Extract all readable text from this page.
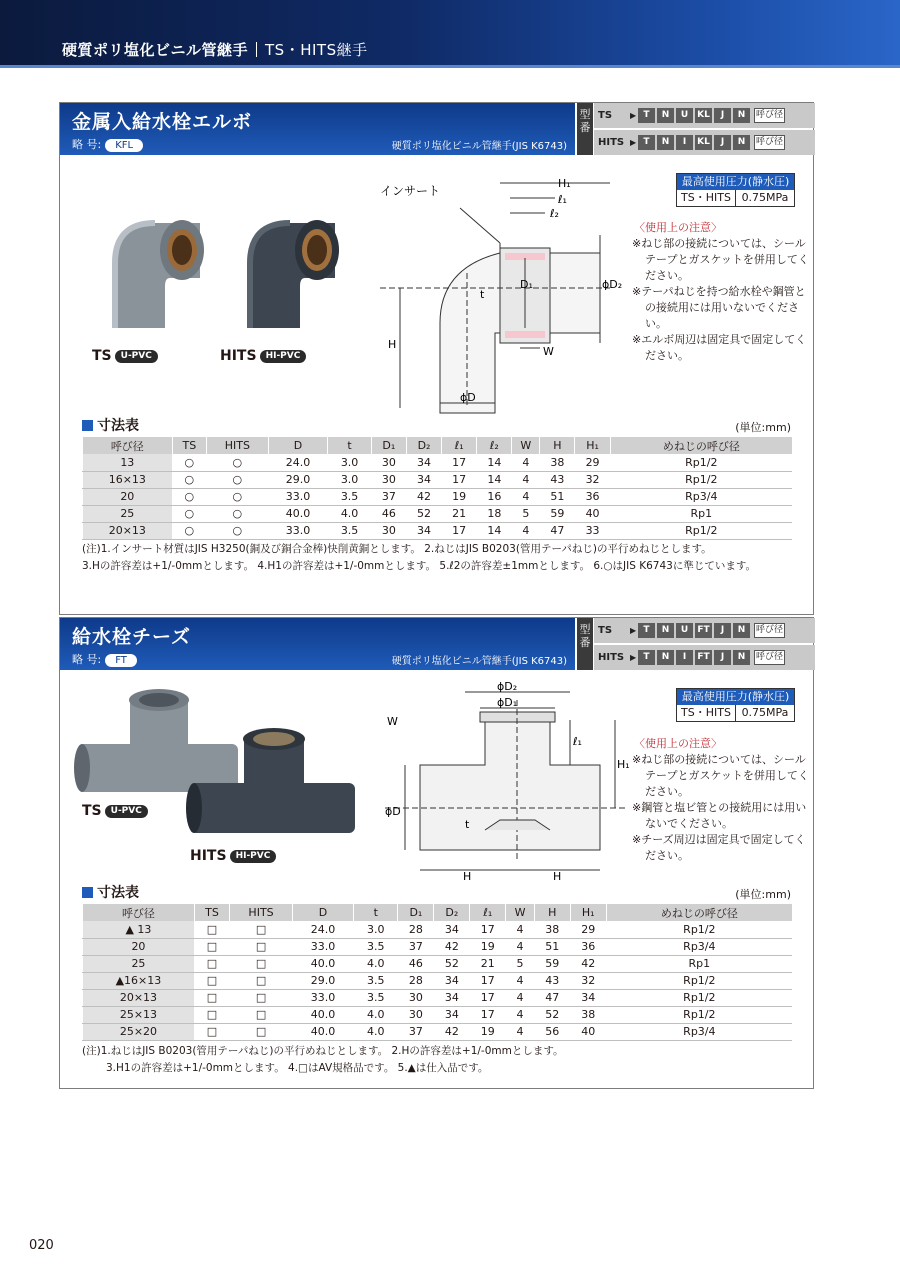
硬質ポリ塩化ビニル管継手 TS・HITS継手
金属入給水栓エルボ
略 号: KFL	硬質ポリ塩化ビニル管継手(JIS K6743)
型番
TS	▶ T	N	U KL	J	N	呼び径
HITS ▶ T	N	I	KL	J	N	呼び径
TS U-PVC	HITS HI-PVC
インサート
H₁
ℓ₁
ℓ₂
D₁	ϕD₂
t
H
W
ϕD
最高使用圧力(静水圧)
TS・HITS 0.75MPa
〈使用上の注意〉
※ねじ部の接続については、シールテープとガスケットを併用してください。
※テーパねじを持つ給水栓や鋼管との接続用には用いないでください。
※エルボ周辺は固定具で固定してください。
寸法表	(単位:mm)
呼び径	TS	HITS	D	t	D₁	D₂	ℓ₁	ℓ₂	W	H	H₁	めねじの呼び径
13	○	○	24.0	3.0	30	34	17	14	4	38	29	Rp1/2
16×13	○	○	29.0	3.0	30	34	17	14	4	43	32	Rp1/2
20	○	○	33.0	3.5	37	42	19	16	4	51	36	Rp3/4
25	○	○	40.0	4.0	46	52	21	18	5	59	40	Rp1
20×13	○	○	33.0	3.5	30	34	17	14	4	47	33	Rp1/2
(注)1.インサート材質はJIS H3250(銅及び銅合金棒)快削黄銅とします。 2.ねじはJIS B0203(管用テーパねじ)の平行めねじとします。
3.Hの許容差は+1/-0mmとします。 4.H1の許容差は+1/-0mmとします。 5.ℓ2の許容差±1mmとします。 6.○はJIS K6743に準じています。
給水栓チーズ
略 号: FT	硬質ポリ塩化ビニル管継手(JIS K6743)
型番
TS	▶ T	N	U	FT	J	N	呼び径
HITS ▶ T	N	I	FT	J	N	呼び径
TS U-PVC
HITS HI-PVC
ϕD₂
ϕD₁
W
ℓ₁
H₁
ϕD
t
H	H
最高使用圧力(静水圧)
TS・HITS 0.75MPa
〈使用上の注意〉
※ねじ部の接続については、シールテープとガスケットを併用してください。
※鋼管と塩ビ管との接続用には用いないでください。
※チーズ周辺は固定具で固定してください。
寸法表	(単位:mm)
呼び径	TS	HITS	D	t	D₁	D₂	ℓ₁	W	H	H₁	めねじの呼び径
▲ 13	□	□	24.0	3.0	28	34	17	4	38	29	Rp1/2
20	□	□	33.0	3.5	37	42	19	4	51	36	Rp3/4
25	□	□	40.0	4.0	46	52	21	5	59	42	Rp1
▲16×13	□	□	29.0	3.5	28	34	17	4	43	32	Rp1/2
20×13	□	□	33.0	3.5	30	34	17	4	47	34	Rp1/2
25×13	□	□	40.0	4.0	30	34	17	4	52	38	Rp1/2
25×20	□	□	40.0	4.0	37	42	19	4	56	40	Rp3/4
(注)1.ねじはJIS B0203(管用テーパねじ)の平行めねじとします。 2.Hの許容差は+1/-0mmとします。
3.H1の許容差は+1/-0mmとします。 4.□はAV規格品です。 5.▲は仕入品です。
020
